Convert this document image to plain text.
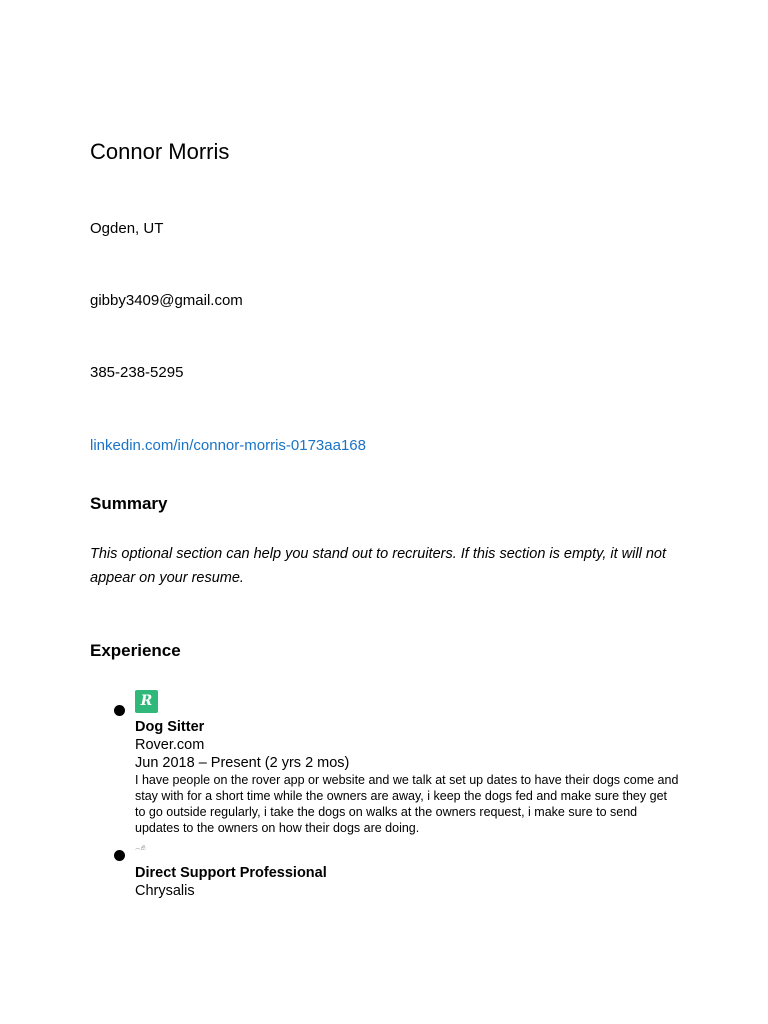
Connor Morris
Ogden, UT
gibby3409@gmail.com
385-238-5295
linkedin.com/in/connor-morris-0173aa168
Summary
This optional section can help you stand out to recruiters. If this section is empty, it will not appear on your resume.
Experience
R
Dog Sitter
Rover.com
Jun 2018 – Present (2 yrs 2 mos)
I have people on the rover app or website and we talk at set up dates to have their dogs come and stay with for a short time while the owners are away, i keep the dogs fed and make sure they get to go outside regularly, i take the dogs on walks at the owners request, i make sure to send updates to the owners on how their dogs are doing.
෴කි
Direct Support Professional
Chrysalis
